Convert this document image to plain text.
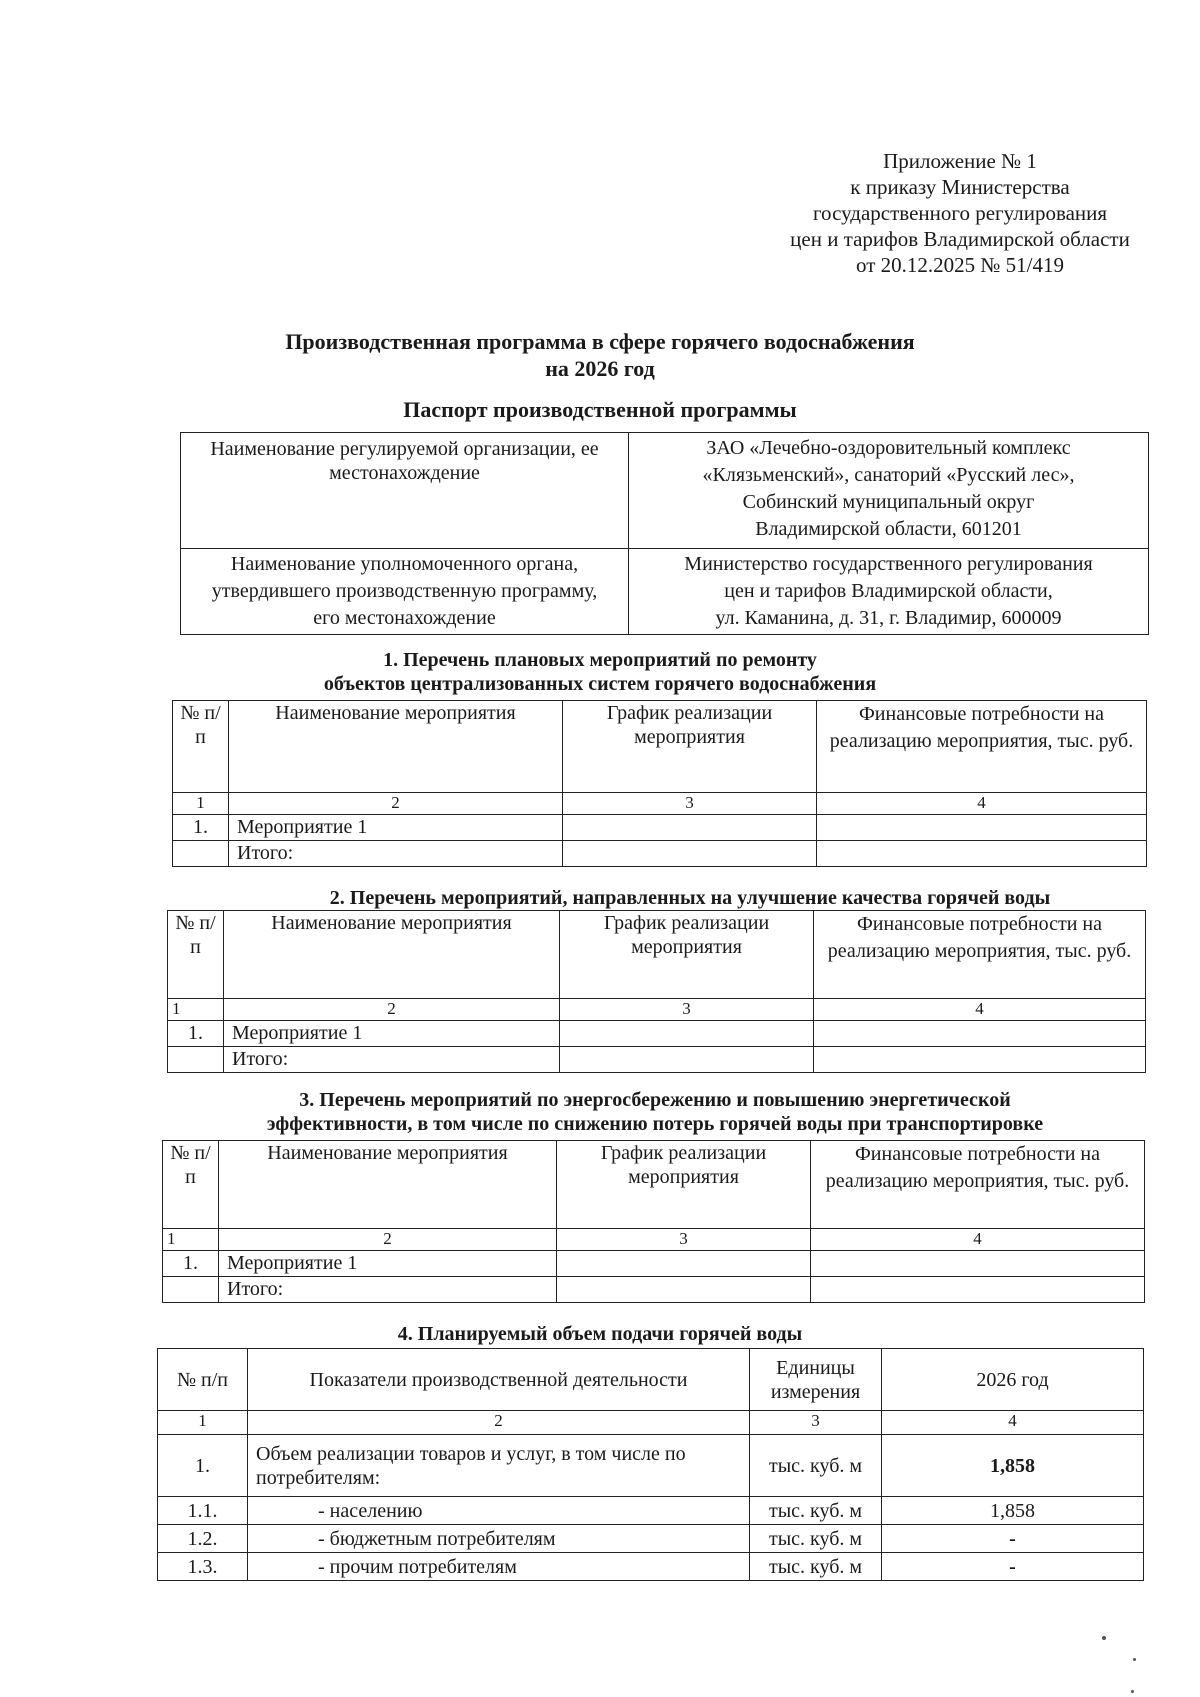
Приложение № 1
к приказу Министерства
государственного регулирования
цен и тарифов Владимирской области
от 20.12.2025 № 51/419
Производственная программа в сфере горячего водоснабжения
на 2026 год
Паспорт производственной программы
Наименование регулируемой организации, ее местонахождение	ЗАО «Лечебно-оздоровительный комплекс
«Клязьменский», санаторий «Русский лес»,
Собинский муниципальный округ
Владимирской области, 601201

Наименование уполномоченного органа, утвердившего производственную программу, его местонахождение	Министерство государственного регулирования
цен и тарифов Владимирской области,
ул. Каманина, д. 31, г. Владимир, 600009
1. Перечень плановых мероприятий по ремонту
объектов централизованных систем горячего водоснабжения
№ п/п	Наименование мероприятия	График реализации мероприятия	Финансовые потребности на реализацию мероприятия, тыс. руб.
1	2	3	4
1.	Мероприятие 1		
	Итого:		
2. Перечень мероприятий, направленных на улучшение качества горячей воды
№ п/п	Наименование мероприятия	График реализации мероприятия	Финансовые потребности на реализацию мероприятия, тыс. руб.
1	2	3	4
1.	Мероприятие 1		
	Итого:		
3. Перечень мероприятий по энергосбережению и повышению энергетической
эффективности, в том числе по снижению потерь горячей воды при транспортировке
№ п/п	Наименование мероприятия	График реализации мероприятия	Финансовые потребности на реализацию мероприятия, тыс. руб.
1	2	3	4
1.	Мероприятие 1		
	Итого:		
4. Планируемый объем подачи горячей воды
№ п/п	Показатели производственной деятельности	Единицы измерения	2026 год
1	2	3	4
1.	Объем реализации товаров и услуг, в том числе по потребителям:	тыс. куб. м	1,858
1.1.	- населению	тыс. куб. м	1,858
1.2.	- бюджетным потребителям	тыс. куб. м	-
1.3.	- прочим потребителям	тыс. куб. м	-
